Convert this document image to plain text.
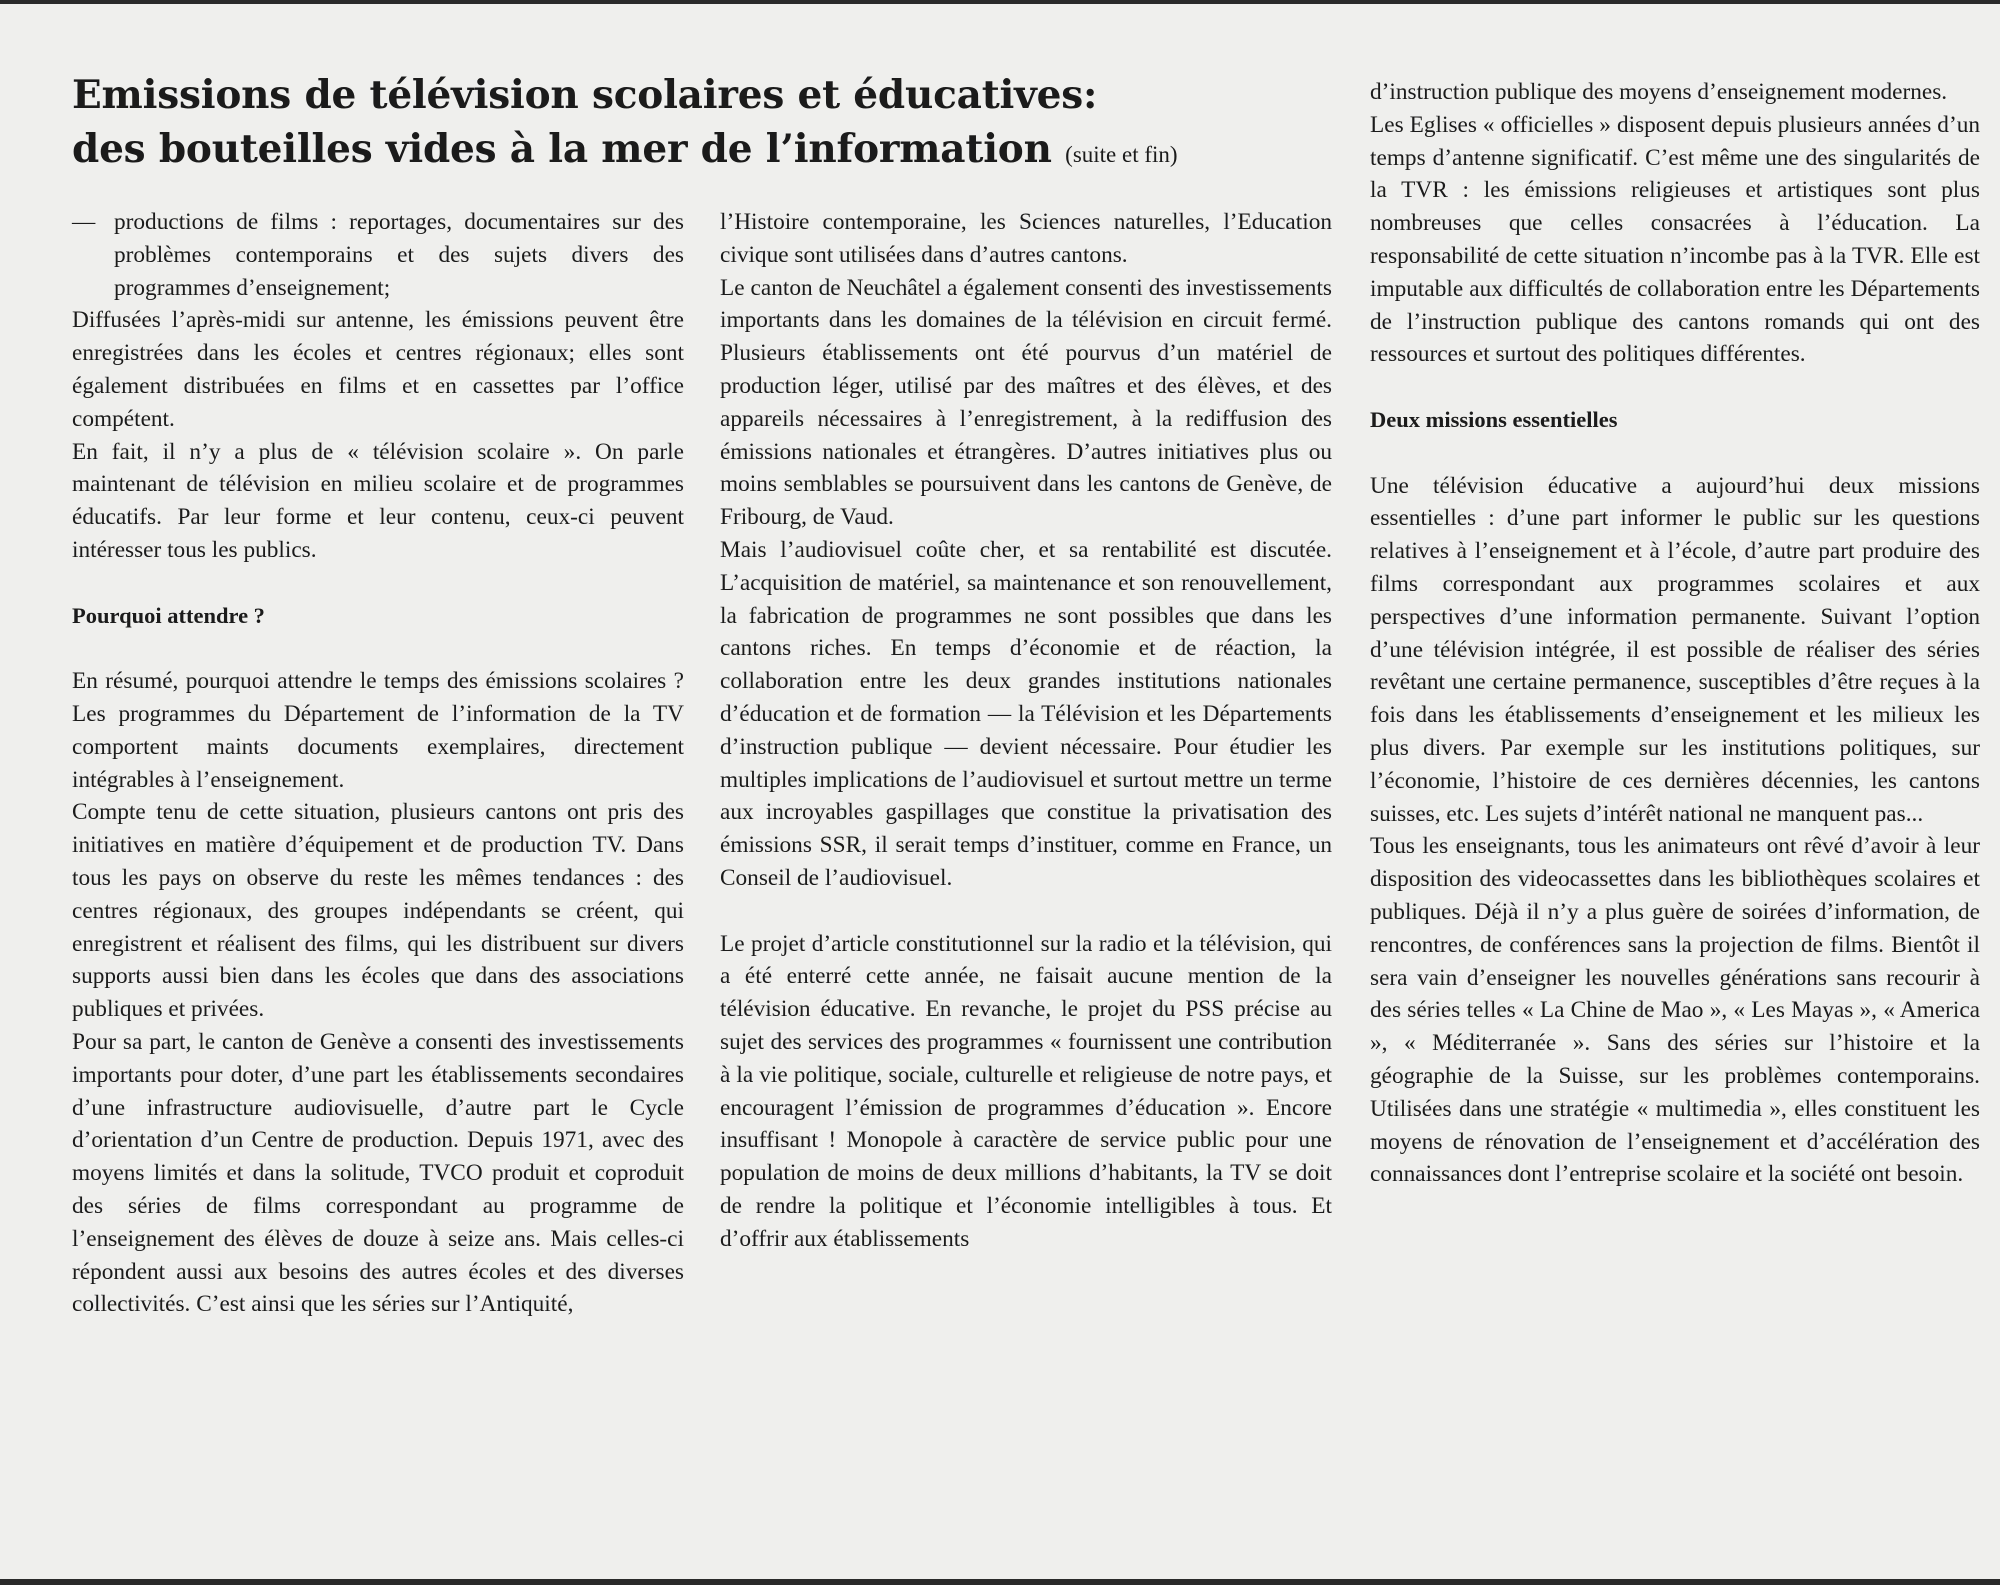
Emissions de télévision scolaires et éducatives:
des bouteilles vides à la mer de l’information (suite et fin)
— productions de films : reportages, documentaires sur des problèmes contemporains et des sujets divers des programmes d’enseignement;

Diffusées l’après-midi sur antenne, les émissions peuvent être enregistrées dans les écoles et centres régionaux; elles sont également distribuées en films et en cassettes par l’office compétent.

En fait, il n’y a plus de « télévision scolaire ». On parle maintenant de télévision en milieu scolaire et de programmes éducatifs. Par leur forme et leur contenu, ceux-ci peuvent intéresser tous les publics.

Pourquoi attendre ?

En résumé, pourquoi attendre le temps des émissions scolaires ? Les programmes du Département de l’information de la TV comportent maints documents exemplaires, directement intégrables à l’enseignement.

Compte tenu de cette situation, plusieurs cantons ont pris des initiatives en matière d’équipement et de production TV. Dans tous les pays on observe du reste les mêmes tendances : des centres régionaux, des groupes indépendants se créent, qui enregistrent et réalisent des films, qui les distribuent sur divers supports aussi bien dans les écoles que dans des associations publiques et privées.

Pour sa part, le canton de Genève a consenti des investissements importants pour doter, d’une part les établissements secondaires d’une infrastructure audiovisuelle, d’autre part le Cycle d’orientation d’un Centre de production. Depuis 1971, avec des moyens limités et dans la solitude, TVCO produit et coproduit des séries de films correspondant au programme de l’enseignement des élèves de douze à seize ans. Mais celles-ci répondent aussi aux besoins des autres écoles et des diverses collectivités. C’est ainsi que les séries sur l’Antiquité,

l’Histoire contemporaine, les Sciences naturelles, l’Education civique sont utilisées dans d’autres cantons.

Le canton de Neuchâtel a également consenti des investissements importants dans les domaines de la télévision en circuit fermé. Plusieurs établissements ont été pourvus d’un matériel de production léger, utilisé par des maîtres et des élèves, et des appareils nécessaires à l’enregistrement, à la rediffusion des émissions nationales et étrangères. D’autres initiatives plus ou moins semblables se poursuivent dans les cantons de Genève, de Fribourg, de Vaud.

Mais l’audiovisuel coûte cher, et sa rentabilité est discutée. L’acquisition de matériel, sa maintenance et son renouvellement, la fabrication de programmes ne sont possibles que dans les cantons riches. En temps d’économie et de réaction, la collaboration entre les deux grandes institutions nationales d’éducation et de formation — la Télévision et les Départements d’instruction publique — devient nécessaire. Pour étudier les multiples implications de l’audiovisuel et surtout mettre un terme aux incroyables gaspillages que constitue la privatisation des émissions SSR, il serait temps d’instituer, comme en France, un Conseil de l’audiovisuel.

Le projet d’article constitutionnel sur la radio et la télévision, qui a été enterré cette année, ne faisait aucune mention de la télévision éducative. En revanche, le projet du PSS précise au sujet des services des programmes « fournissent une contribution à la vie politique, sociale, culturelle et religieuse de notre pays, et encouragent l’émission de programmes d’éducation ». Encore insuffisant ! Monopole à caractère de service public pour une population de moins de deux millions d’habitants, la TV se doit de rendre la politique et l’économie intelligibles à tous. Et d’offrir aux établissements

d’instruction publique des moyens d’enseignement modernes.

Les Eglises « officielles » disposent depuis plusieurs années d’un temps d’antenne significatif. C’est même une des singularités de la TVR : les émissions religieuses et artistiques sont plus nombreuses que celles consacrées à l’éducation. La responsabilité de cette situation n’incombe pas à la TVR. Elle est imputable aux difficultés de collaboration entre les Départements de l’instruction publique des cantons romands qui ont des ressources et surtout des politiques différentes.

Deux missions essentielles

Une télévision éducative a aujourd’hui deux missions essentielles : d’une part informer le public sur les questions relatives à l’enseignement et à l’école, d’autre part produire des films correspondant aux programmes scolaires et aux perspectives d’une information permanente. Suivant l’option d’une télévision intégrée, il est possible de réaliser des séries revêtant une certaine permanence, susceptibles d’être reçues à la fois dans les établissements d’enseignement et les milieux les plus divers. Par exemple sur les institutions politiques, sur l’économie, l’histoire de ces dernières décennies, les cantons suisses, etc. Les sujets d’intérêt national ne manquent pas...

Tous les enseignants, tous les animateurs ont rêvé d’avoir à leur disposition des videocassettes dans les bibliothèques scolaires et publiques. Déjà il n’y a plus guère de soirées d’information, de rencontres, de conférences sans la projection de films. Bientôt il sera vain d’enseigner les nouvelles générations sans recourir à des séries telles « La Chine de Mao », « Les Mayas », « America », « Méditerranée ». Sans des séries sur l’histoire et la géographie de la Suisse, sur les problèmes contemporains. Utilisées dans une stratégie « multimedia », elles constituent les moyens de rénovation de l’enseignement et d’accélération des connaissances dont l’entreprise scolaire et la société ont besoin.
